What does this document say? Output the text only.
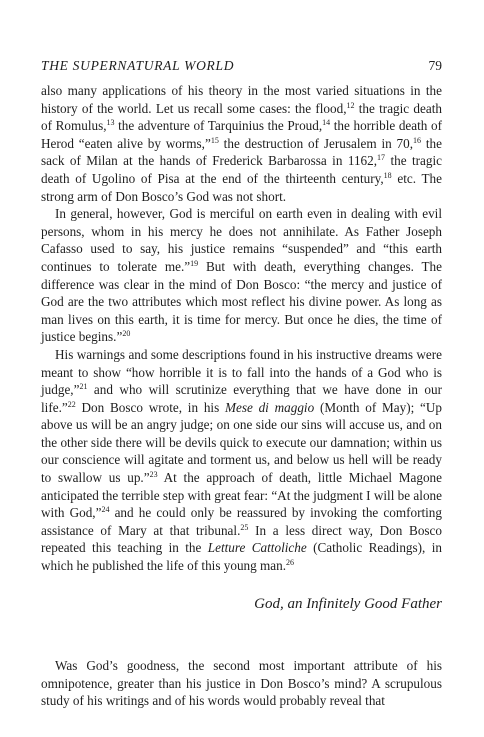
THE SUPERNATURAL WORLD	79

also many applications of his theory in the most varied situations in the history of the world. Let us recall some cases: the flood,$^{12}$ the tragic death of Romulus,$^{13}$ the adventure of Tarquinius the Proud,$^{14}$ the horrible death of Herod “eaten alive by worms,”$^{15}$ the destruction of Jerusalem in 70,16 the sack of Milan at the hands of Frederick Barbarossa in 1162,17 the tragic death of Ugolino of Pisa at the end of the thirteenth century,$^{18}$ etc. The strong arm of Don Bosco’s God was not short.

In general, however, God is merciful on earth even in dealing with evil persons, whom in his mercy he does not annihilate. As Father Joseph Cafasso used to say, his justice remains “suspended” and “this earth continues to tolerate me.”$^{19}$ But with death, everything changes. The difference was clear in the mind of Don Bosco: “the mercy and justice of God are the two attributes which most reflect his divine power. As long as man lives on this earth, it is time for mercy. But once he dies, the time of justice begins.”$^{20}$

His warnings and some descriptions found in his instructive dreams were meant to show “how horrible it is to fall into the hands of a God who is judge,”$^{21}$ and who will scrutinize everything that we have done in our life.”$^{22}$ Don Bosco wrote, in his Mese di maggio (Month of May); “Up above us will be an angry judge; on one side our sins will accuse us, and on the other side there will be devils quick to execute our damnation; within us our conscience will agitate and torment us, and below us hell will be ready to swallow us up.”$^{23}$ At the approach of death, little Michael Magone anticipated the terrible step with great fear: “At the judgment I will be alone with God,”$^{24}$ and he could only be reassured by invoking the comforting assistance of Mary at that tribunal.$^{25}$ In a less direct way, Don Bosco repeated this teaching in the Letture Cattoliche (Catholic Readings), in which he published the life of this young man.$^{26}$

God, an Infinitely Good Father

Was God’s goodness, the second most important attribute of his omnipotence, greater than his justice in Don Bosco’s mind? A scrupulous study of his writings and of his words would probably reveal that
